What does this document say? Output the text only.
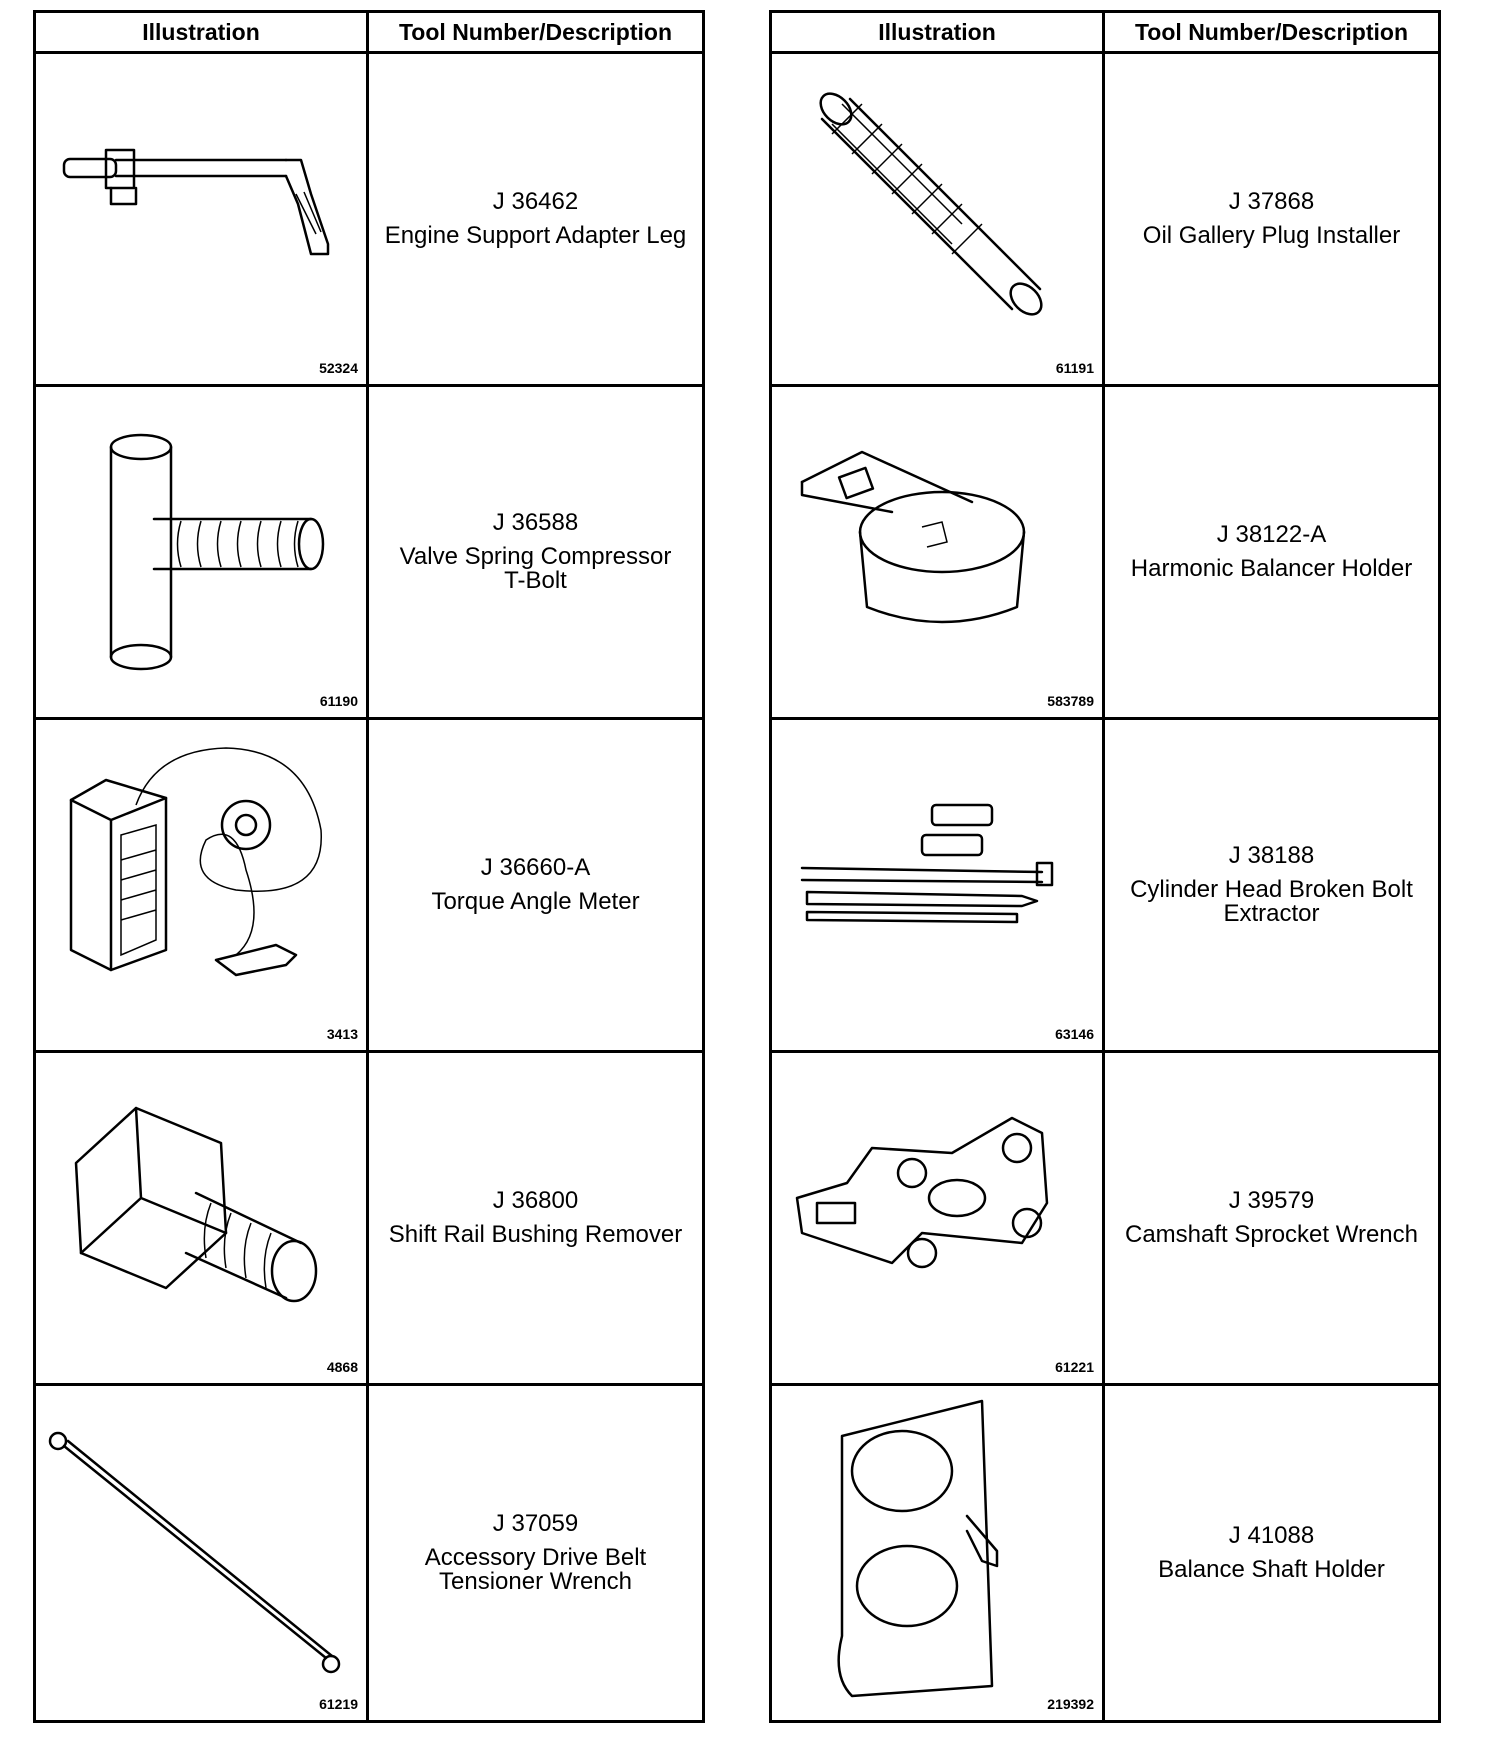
Illustration	Tool Number/Description
52324
J 36462
Engine Support Adapter Leg
61190
J 36588
Valve Spring Compressor
T-Bolt
3413
J 36660-A
Torque Angle Meter
4868
J 36800
Shift Rail Bushing Remover
61219
J 37059
Accessory Drive Belt
Tensioner Wrench
Illustration	Tool Number/Description
61191
J 37868
Oil Gallery Plug Installer
583789
J 38122-A
Harmonic Balancer Holder
63146
J 38188
Cylinder Head Broken Bolt
Extractor
61221
J 39579
Camshaft Sprocket Wrench
219392
J 41088
Balance Shaft Holder
